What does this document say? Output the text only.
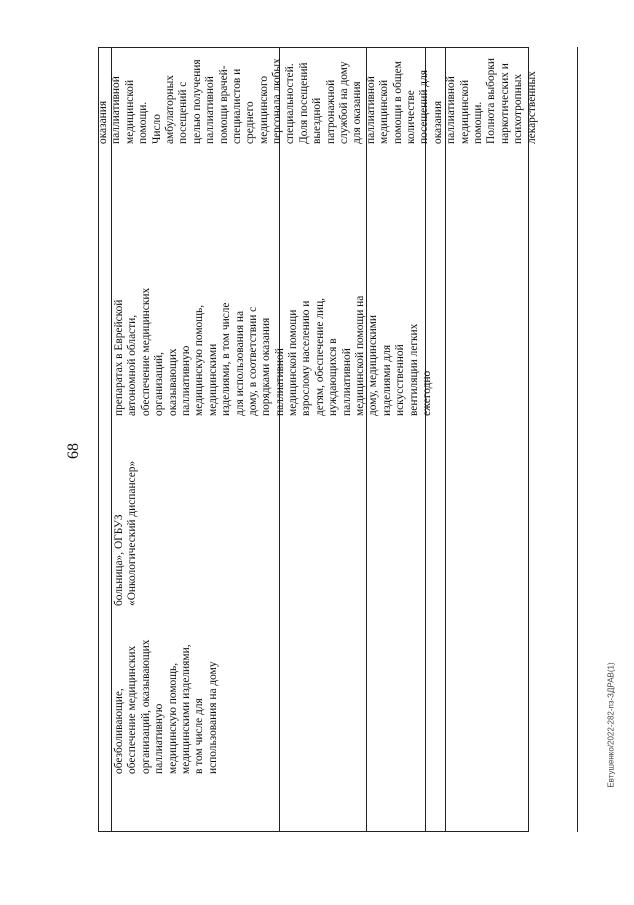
68
Евтушенко/2022-282-пз-ЗДРАВ(1)
обезболивающие, обеспечение медицинских организаций, оказывающих паллиативную медицинскую помощь, медицинскими изделиями, в том числе для использования на дому
больница», ОГБУЗ «Онкологический диспансер»
препаратах в Еврейской автономной области, обеспечение медицинских организаций, оказывающих паллиативную медицинскую помощь, медицинскими изделиями, в том числе для использования на дому, в соответствии с порядками оказания паллиативной медицинской помощи взрослому населению и детям, обеспечение лиц, нуждающихся в паллиативной медицинской помощи на дому, медицинскими изделиями для искусственной вентиляции легких ежегодно
оказания паллиативной медицинской помощи. Число амбулаторных посещений с целью получения паллиативной помощи врачей- специалистов и среднего медицинского персонала любых специальностей. Доля посещений выездной патронажной службой на дому для оказания паллиативной медицинской помощи в общем количестве посещений для оказания паллиативной медицинской помощи. Полнота выборки наркотических и психотропных лекарственных
